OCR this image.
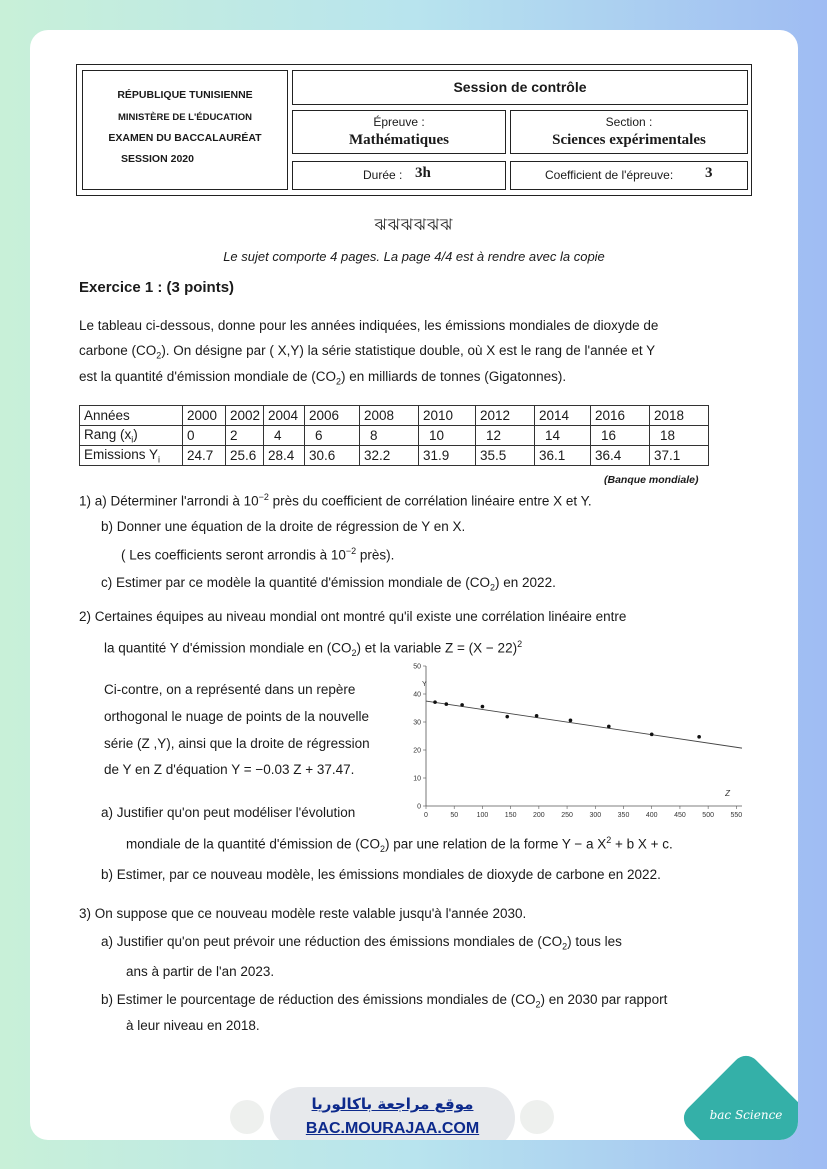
RÉPUBLIQUE TUNISIENNE
MINISTÈRE DE L'ÉDUCATION
EXAMEN DU BACCALAURÉAT
SESSION 2020
Session de contrôle
Épreuve :
Mathématiques
Section :
Sciences expérimentales
Durée : 3h	Coefficient de l'épreuve: 3
ঝঝঝঝঝঝ
Le sujet comporte 4 pages. La page 4/4 est à rendre avec la copie
Exercice 1 : (3 points)
Le tableau ci-dessous, donne pour les années indiquées, les émissions mondiales de dioxyde de
carbone $(CO_2)$. On désigne par ( X,Y) la série statistique double, où X est le rang de l'année et Y
est la quantité d'émission mondiale de $(CO_2)$ en milliards de tonnes (Gigatonnes).
Années	2000	2002	2004	2006	2008	2010	2012	2014	2016	2018
Rang $(x_i)$	0	2	4	6	8	10	12	14	16	18
Emissions $Y_i$	24.7	25.6	28.4	30.6	32.2	31.9	35.5	36.1	36.4	37.1
(Banque mondiale)
1) a) Déterminer l'arrondi à $10^{-2}$ près du coefficient de corrélation linéaire entre X et Y.
b) Donner une équation de la droite de régression de Y en X.
( Les coefficients seront arrondis à $10^{-2}$ près).
c) Estimer par ce modèle la quantité d'émission mondiale de $(CO_2)$ en 2022.
2) Certaines équipes au niveau mondial ont montré qu'il existe une corrélation linéaire entre
la quantité Y d'émission mondiale en $(CO_2)$ et la variable $Z = (X - 22)^2$
Ci-contre, on a représenté dans un repère
orthogonal le nuage de points de la nouvelle
série (Z ,Y), ainsi que la droite de régression
de Y en Z d'équation Y = −0.03 Z + 37.47.
0
10
20
30
40
50
0	50	100 150 200 250 300 350 400 450 500 550
Y
Z
a) Justifier qu'on peut modéliser l'évolution
mondiale de la quantité d'émission de $(CO_2)$ par une relation de la forme Y − a $X^2 + b$ X + c.
b) Estimer, par ce nouveau modèle, les émissions mondiales de dioxyde de carbone en 2022.
3) On suppose que ce nouveau modèle reste valable jusqu'à l'année 2030.
a) Justifier qu'on peut prévoir une réduction des émissions mondiales de $(CO_2)$ tous les
ans à partir de l'an 2023.
b) Estimer le pourcentage de réduction des émissions mondiales de $(CO_2)$ en 2030 par rapport
à leur niveau en 2018.
موقع مراجعة باكالوريا
BAC.MOURAJAA.COM
bac Science
